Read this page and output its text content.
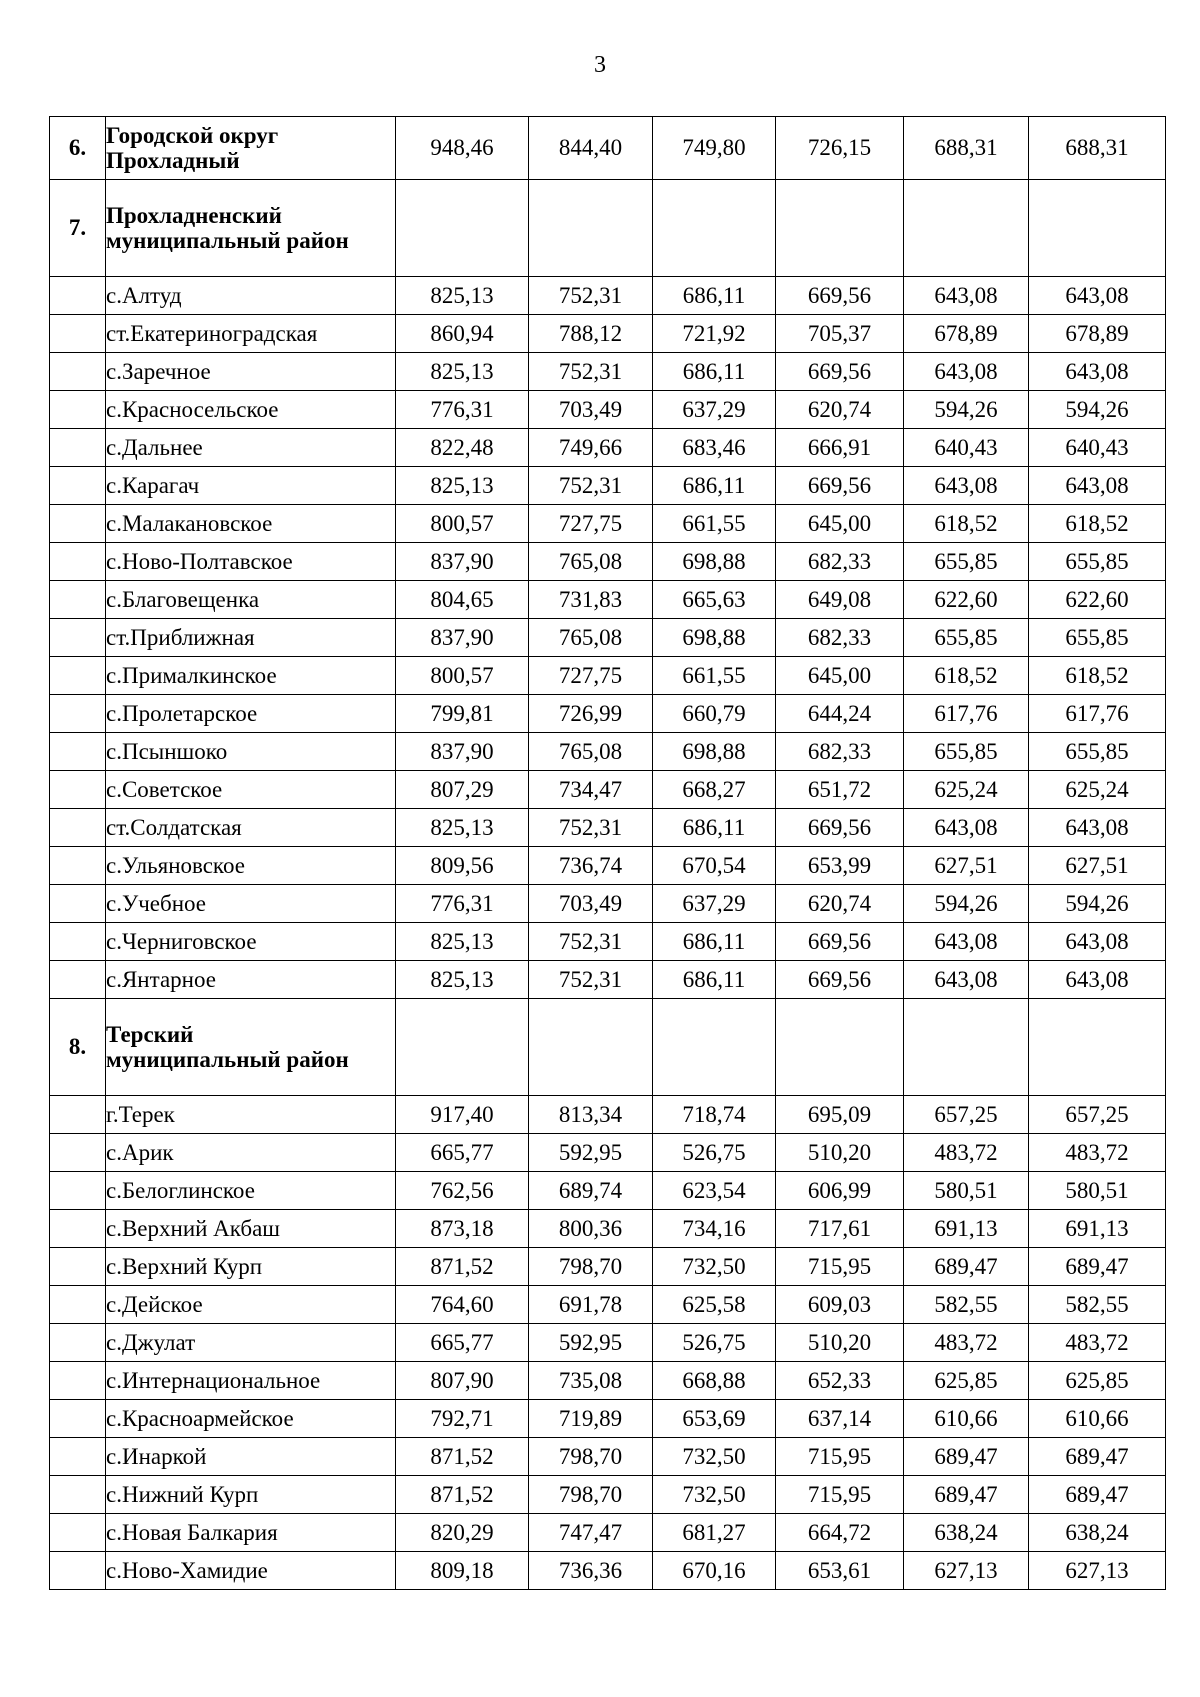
3
6.	Городской округ
Прохладный	948,46	844,40	749,80	726,15	688,31	688,31
7.	Прохладненский
муниципальный район						

	с.Алтуд	825,13	752,31	686,11	669,56	643,08	643,08
	ст.Екатериноградская	860,94	788,12	721,92	705,37	678,89	678,89
	с.Заречное	825,13	752,31	686,11	669,56	643,08	643,08
	с.Красносельское	776,31	703,49	637,29	620,74	594,26	594,26
	с.Дальнее	822,48	749,66	683,46	666,91	640,43	640,43
	с.Карагач	825,13	752,31	686,11	669,56	643,08	643,08
	с.Малакановское	800,57	727,75	661,55	645,00	618,52	618,52
	с.Ново-Полтавское	837,90	765,08	698,88	682,33	655,85	655,85
	с.Благовещенка	804,65	731,83	665,63	649,08	622,60	622,60
	ст.Приближная	837,90	765,08	698,88	682,33	655,85	655,85
	с.Прималкинское	800,57	727,75	661,55	645,00	618,52	618,52
	с.Пролетарское	799,81	726,99	660,79	644,24	617,76	617,76
	с.Псыншоко	837,90	765,08	698,88	682,33	655,85	655,85
	с.Советское	807,29	734,47	668,27	651,72	625,24	625,24
	ст.Солдатская	825,13	752,31	686,11	669,56	643,08	643,08
	с.Ульяновское	809,56	736,74	670,54	653,99	627,51	627,51
	с.Учебное	776,31	703,49	637,29	620,74	594,26	594,26
	с.Черниговское	825,13	752,31	686,11	669,56	643,08	643,08
	с.Янтарное	825,13	752,31	686,11	669,56	643,08	643,08
8.	Терский
муниципальный район						

	г.Терек	917,40	813,34	718,74	695,09	657,25	657,25
	с.Арик	665,77	592,95	526,75	510,20	483,72	483,72
	с.Белоглинское	762,56	689,74	623,54	606,99	580,51	580,51
	с.Верхний Акбаш	873,18	800,36	734,16	717,61	691,13	691,13
	с.Верхний Курп	871,52	798,70	732,50	715,95	689,47	689,47
	с.Дейское	764,60	691,78	625,58	609,03	582,55	582,55
	с.Джулат	665,77	592,95	526,75	510,20	483,72	483,72
	с.Интернациональное	807,90	735,08	668,88	652,33	625,85	625,85
	с.Красноармейское	792,71	719,89	653,69	637,14	610,66	610,66
	с.Инаркой	871,52	798,70	732,50	715,95	689,47	689,47
	с.Нижний Курп	871,52	798,70	732,50	715,95	689,47	689,47
	с.Новая Балкария	820,29	747,47	681,27	664,72	638,24	638,24
	с.Ново-Хамидие	809,18	736,36	670,16	653,61	627,13	627,13
